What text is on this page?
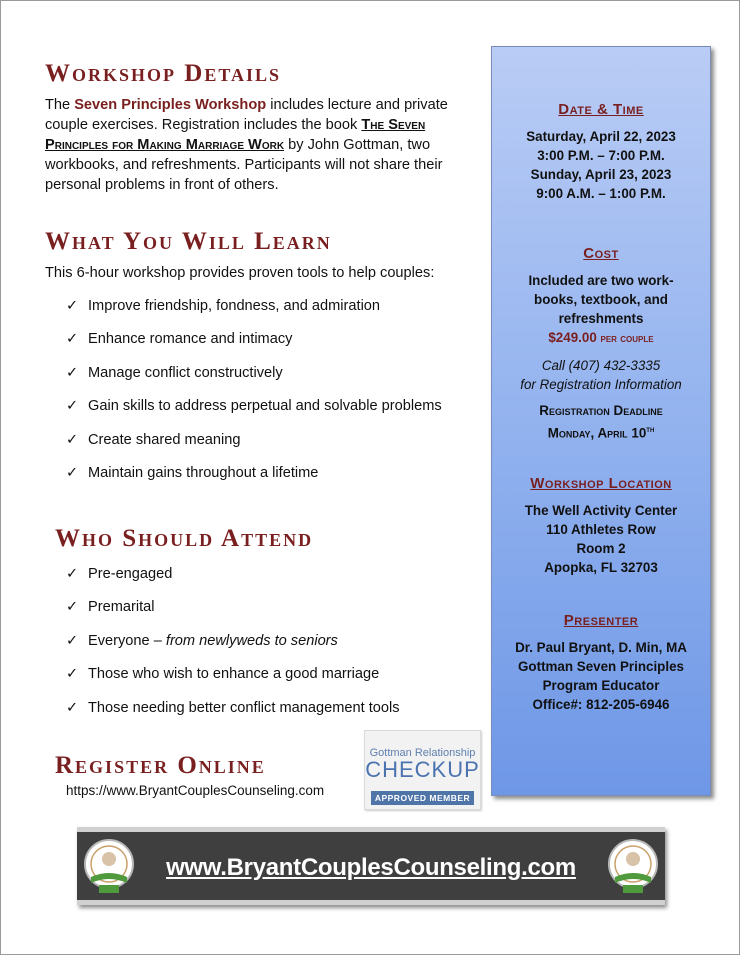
Workshop Details
The Seven Principles Workshop includes lecture and private couple exercises. Registration includes the book The Seven Principles for Making Marriage Work by John Gottman, two workbooks, and refreshments. Participants will not share their personal problems in front of others.
What You Will Learn
This 6-hour workshop provides proven tools to help couples:
✓ Improve friendship, fondness, and admiration
✓ Enhance romance and intimacy
✓ Manage conflict constructively
✓ Gain skills to address perpetual and solvable problems
✓ Create shared meaning
✓ Maintain gains throughout a lifetime
Who Should Attend
✓ Pre-engaged
✓ Premarital
✓ Everyone – from newlyweds to seniors
✓ Those who wish to enhance a good marriage
✓ Those needing better conflict management tools
Register Online
https://www.BryantCouplesCounseling.com
Gottman Relationship
CHECKUP
APPROVED MEMBER
Date & Time
Saturday, April 22, 2023
3:00 P.M. – 7:00 P.M.
Sunday, April 23, 2023
9:00 A.M. – 1:00 P.M.
Cost
Included are two work-
books, textbook, and
refreshments
$249.00 per couple
Call (407) 432-3335
for Registration Information
Registration Deadline
Monday, April 10th
Workshop Location
The Well Activity Center
110 Athletes Row
Room 2
Apopka, FL 32703
Presenter
Dr. Paul Bryant, D. Min, MA
Gottman Seven Principles
Program Educator
Office#: 812-205-6946
www.BryantCouplesCounseling.com
